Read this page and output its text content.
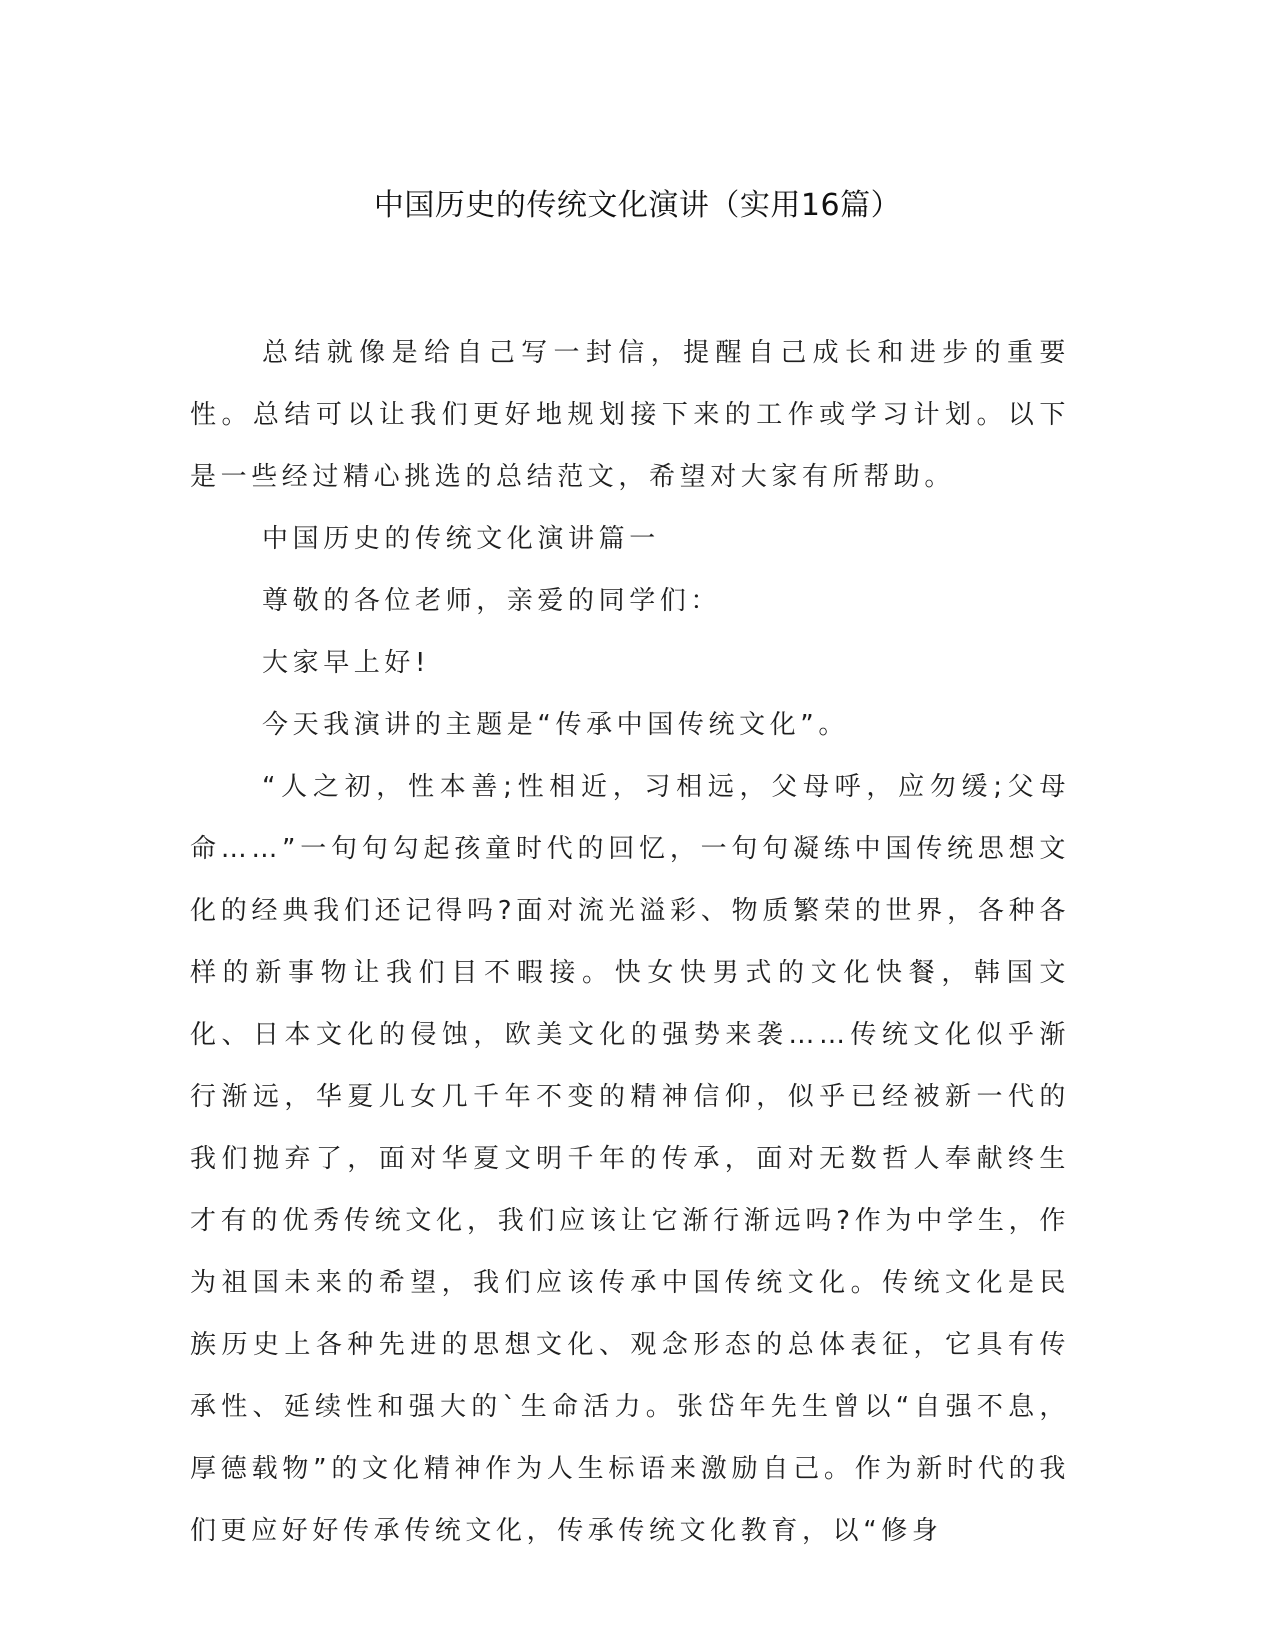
中国历史的传统文化演讲（实用16篇）

总结就像是给自己写一封信，提醒自己成长和进步的重要性。总结可以让我们更好地规划接下来的工作或学习计划。以下是一些经过精心挑选的总结范文，希望对大家有所帮助。

中国历史的传统文化演讲篇一

尊敬的各位老师，亲爱的同学们：

大家早上好!

今天我演讲的主题是“传承中国传统文化”。

“人之初，性本善;性相近，习相远，父母呼，应勿缓;父母命……”一句句勾起孩童时代的回忆，一句句凝练中国传统思想文化的经典我们还记得吗?面对流光溢彩、物质繁荣的世界，各种各样的新事物让我们目不暇接。快女快男式的文化快餐，韩国文化、日本文化的侵蚀，欧美文化的强势来袭……传统文化似乎渐行渐远，华夏儿女几千年不变的精神信仰，似乎已经被新一代的我们抛弃了，面对华夏文明千年的传承，面对无数哲人奉献终生才有的优秀传统文化，我们应该让它渐行渐远吗?作为中学生，作为祖国未来的希望，我们应该传承中国传统文化。传统文化是民族历史上各种先进的思想文化、观念形态的总体表征，它具有传承性、延续性和强大的`生命活力。张岱年先生曾以“自强不息，厚德载物”的文化精神作为人生标语来激励自己。作为新时代的我们更应好好传承传统文化，传承传统文化教育，以“修身
